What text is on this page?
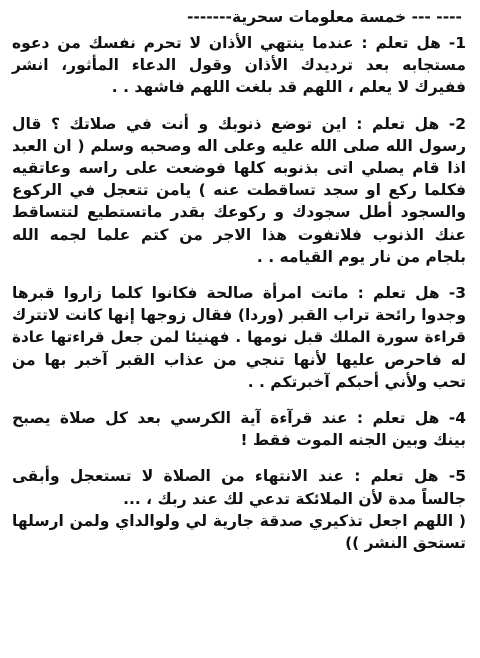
---- --- خمسة معلومات سحرية-------
1- هل تعلم : عندما ينتهي الأذان لا تحرم نفسك من دعوه
مستجابه بعد ترديدك الأذان وقول الدعاء المأثور، انشر
ففيرك لا يعلم ، اللهم قد بلغت اللهم فاشهد . .
2- هل تعلم : اين توضع ذنوبك و أنت في صلاتك ؟ قال
رسول الله صلى الله عليه وعلى اله وصحبه وسلم ( ان العبد
اذا قام يصلي اتى بذنوبه كلها فوضعت على راسه وعاتقيه
فكلما ركع او سجد تساقطت عنه ) يامن تتعجل في الركوع
والسجود أطل سجودك و ركوعك بقدر ماتستطيع لتتساقط
عنك الذنوب فلاتفوت هذا الاجر من كتم علما لجمه الله
بلجام من نار يوم القيامه . .
3- هل تعلم : ماتت امرأة صالحة فكانوا كلما زاروا قبرها
وجدوا رائحة تراب القبر (وردا) فقال زوجها إنها كانت لاتترك
قراءة سورة الملك قبل نومها . فهنيئا لمن جعل قراءتها عادة
له فاحرص عليها لأنها تنجي من عذاب القبر آخبر بها من
تحب ولأني أحبكم آخبرتكم . .
4- هل تعلم : عند قرآءة آية الكرسي بعد كل صلاة يصبح
بينك وبين الجنه الموت فقط !
5- هل تعلم : عند الانتهاء من الصلاة لا تستعجل وأبقى
جالساً مدة لأن الملائكة تدعي لك عند ربك ، ...
( اللهم اجعل تذكيري صدقة جارية لي ولوالداي ولمن ارسلها
تستحق النشر ))
